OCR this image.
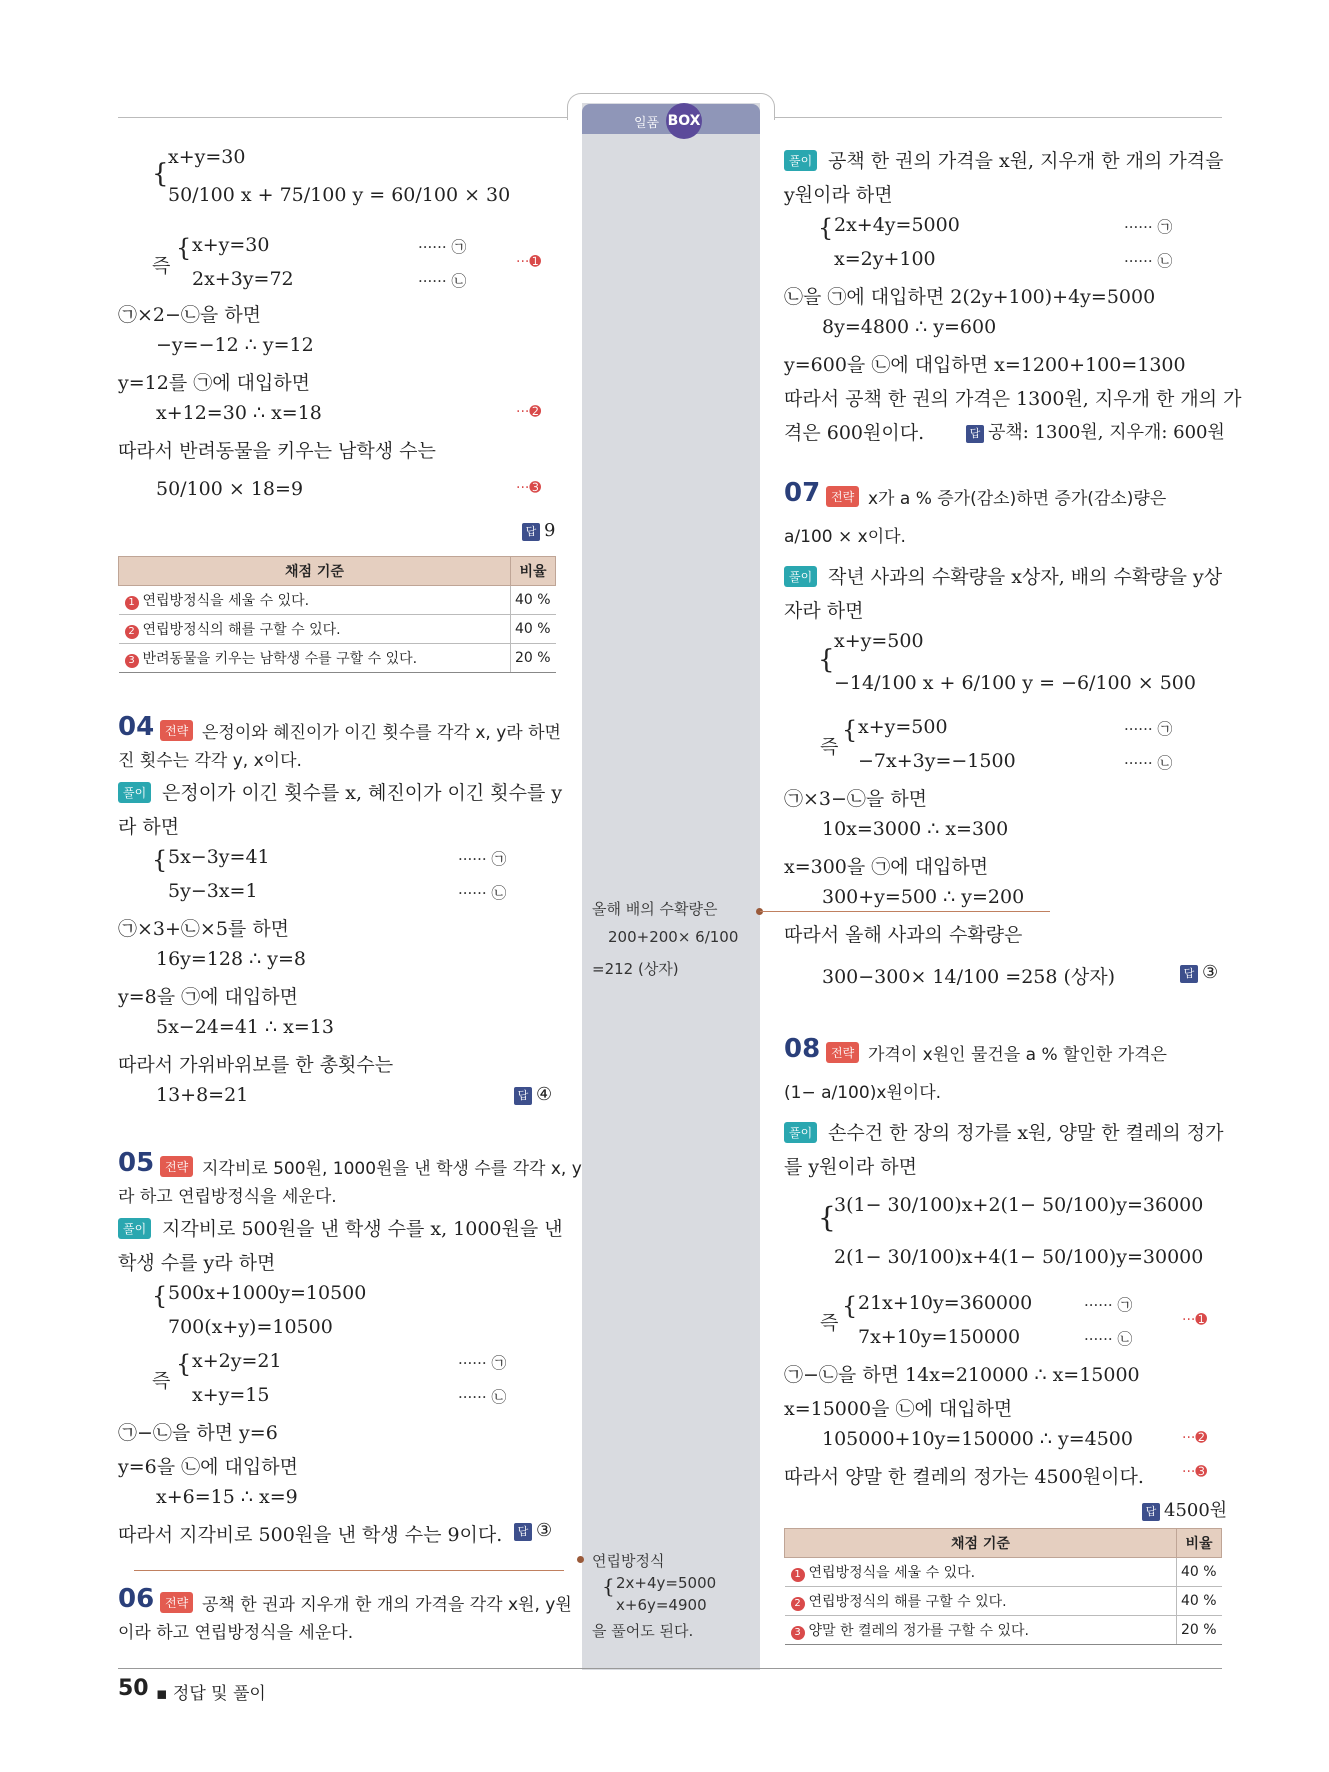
일품 BOX
{
x+y=30
50/100 x + 75/100 y = 60/100 × 30
즉
{ x+y=30
2x+3y=72
······ ㉠
······ ㉡
···➊
㉠×2−㉡을 하면
−y=−12 ∴ y=12
y=12를 ㉠에 대입하면
x+12=30 ∴ x=18	···➋
따라서 반려동물을 키우는 남학생 수는
50/100 × 18=9	···➌
답 9
채점 기준	비율
1 연립방정식을 세울 수 있다.	40 %
2 연립방정식의 해를 구할 수 있다.	40 %
3 반려동물을 키우는 남학생 수를 구할 수 있다.	20 %
04 전략 은정이와 혜진이가 이긴 횟수를 각각 x, y라 하면
진 횟수는 각각 y, x이다.
풀이 은정이가 이긴 횟수를 x, 혜진이가 이긴 횟수를 y
라 하면
{ 5x−3y=41
5y−3x=1
······ ㉠
······ ㉡
㉠×3+㉡×5를 하면
16y=128 ∴ y=8
y=8을 ㉠에 대입하면
5x−24=41 ∴ x=13
따라서 가위바위보를 한 총횟수는
13+8=21	답 ④
05 전략 지각비로 500원, 1000원을 낸 학생 수를 각각 x, y
라 하고 연립방정식을 세운다.
풀이 지각비로 500원을 낸 학생 수를 x, 1000원을 낸
학생 수를 y라 하면
{ 500x+1000y=10500
700(x+y)=10500
즉
{ x+2y=21
x+y=15
······ ㉠
······ ㉡
㉠−㉡을 하면 y=6
y=6을 ㉡에 대입하면
x+6=15 ∴ x=9
따라서 지각비로 500원을 낸 학생 수는 9이다.	답 ③
06 전략 공책 한 권과 지우개 한 개의 가격을 각각 x원, y원
이라 하고 연립방정식을 세운다.
올해 배의 수확량은
200+200× 6/100
=212 (상자)
연립방정식
{ 2x+4y=5000
x+6y=4900
을 풀어도 된다.
풀이 공책 한 권의 가격을 x원, 지우개 한 개의 가격을
y원이라 하면
{ 2x+4y=5000
x=2y+100
······ ㉠
······ ㉡
㉡을 ㉠에 대입하면 2(2y+100)+4y=5000
8y=4800 ∴ y=600
y=600을 ㉡에 대입하면 x=1200+100=1300
따라서 공책 한 권의 가격은 1300원, 지우개 한 개의 가
격은 600원이다.	답 공책: 1300원, 지우개: 600원
07 전략 x가 a % 증가(감소)하면 증가(감소)량은
a/100 × x이다.
풀이 작년 사과의 수확량을 x상자, 배의 수확량을 y상
자라 하면
{
x+y=500
−14/100 x + 6/100 y = −6/100 × 500
즉
{ x+y=500
−7x+3y=−1500
······ ㉠
······ ㉡
㉠×3−㉡을 하면
10x=3000 ∴ x=300
x=300을 ㉠에 대입하면
300+y=500 ∴ y=200
따라서 올해 사과의 수확량은
300−300× 14/100 =258 (상자)	답 ③
08 전략 가격이 x원인 물건을 a % 할인한 가격은
(1− a/100)x원이다.
풀이 손수건 한 장의 정가를 x원, 양말 한 켤레의 정가
를 y원이라 하면
{
3(1− 30/100)x+2(1− 50/100)y=36000
2(1− 30/100)x+4(1− 50/100)y=30000
즉
{ 21x+10y=360000
7x+10y=150000
······ ㉠
······ ㉡
···➊
㉠−㉡을 하면 14x=210000 ∴ x=15000
x=15000을 ㉡에 대입하면
105000+10y=150000 ∴ y=4500	···➋
따라서 양말 한 켤레의 정가는 4500원이다.	···➌
답 4500원
채점 기준	비율
1 연립방정식을 세울 수 있다.	40 %
2 연립방정식의 해를 구할 수 있다.	40 %
3 양말 한 켤레의 정가를 구할 수 있다.	20 %
50 ▪ 정답 및 풀이
